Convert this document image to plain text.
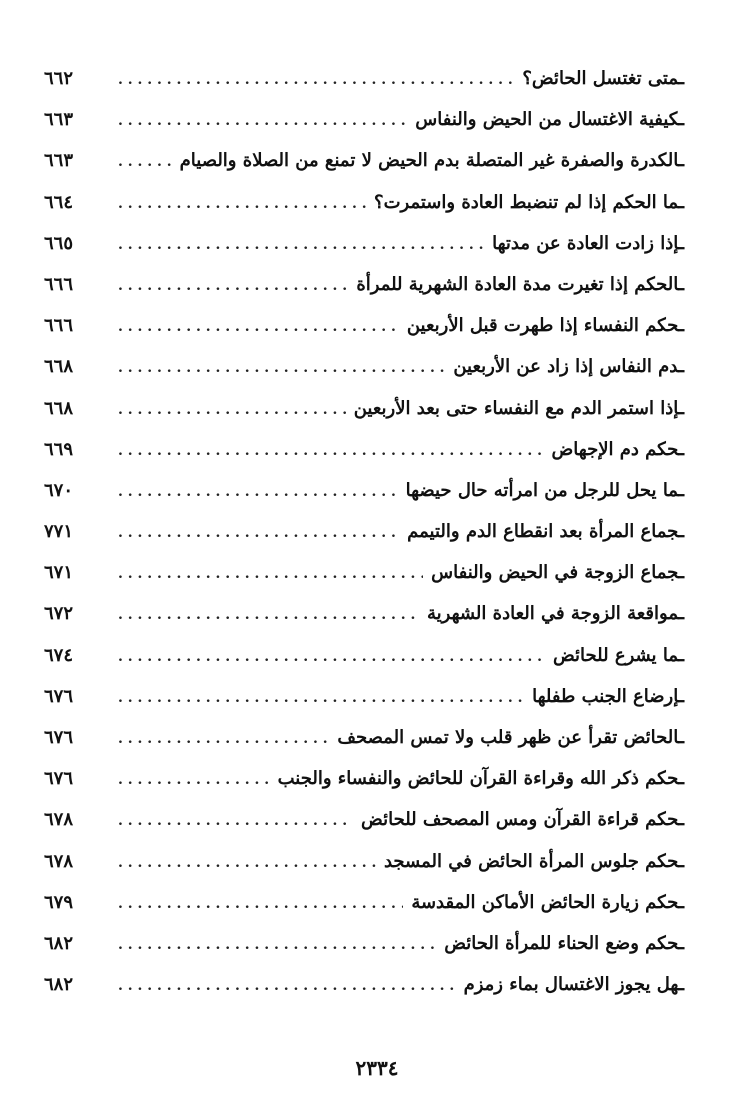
ـمتى تغتسل الحائض؟
. . .
٦٦٢
ـكيفية الاغتسال من الحيض والنفاس
. . .
٦٦٣
ـالكدرة والصفرة غير المتصلة بدم الحيض لا تمنع من الصلاة والصيام
. . .
٦٦٣
ـما الحكم إذا لم تنضبط العادة واستمرت؟
. . .
٦٦٤
ـإذا زادت العادة عن مدتها
. . .
٦٦٥
ـالحكم إذا تغيرت مدة العادة الشهرية للمرأة
. . .
٦٦٦
ـحكم النفساء إذا طهرت قبل الأربعين
. . .
٦٦٦
ـدم النفاس إذا زاد عن الأربعين
. . .
٦٦٨
ـإذا استمر الدم مع النفساء حتى بعد الأربعين
. . .
٦٦٨
ـحكم دم الإجهاض
. . .
٦٦٩
ـما يحل للرجل من امرأته حال حيضها
. . .
٦٧٠
ـجماع المرأة بعد انقطاع الدم والتيمم
. . .
٧٧١
ـجماع الزوجة في الحيض والنفاس
. . .
٦٧١
ـمواقعة الزوجة في العادة الشهرية
. . .
٦٧٢
ـما يشرع للحائض
. . .
٦٧٤
ـإرضاع الجنب طفلها
. . .
٦٧٦
ـالحائض تقرأ عن ظهر قلب ولا تمس المصحف
. . .
٦٧٦
ـحكم ذكر الله وقراءة القرآن للحائض والنفساء والجنب
. . .
٦٧٦
ـحكم قراءة القرآن ومس المصحف للحائض
. . .
٦٧٨
ـحكم جلوس المرأة الحائض في المسجد
. . .
٦٧٨
ـحكم زيارة الحائض الأماكن المقدسة
. . .
٦٧٩
ـحكم وضع الحناء للمرأة الحائض
. . .
٦٨٢
ـهل يجوز الاغتسال بماء زمزم
. . .
٦٨٢
٢٣٣٤
